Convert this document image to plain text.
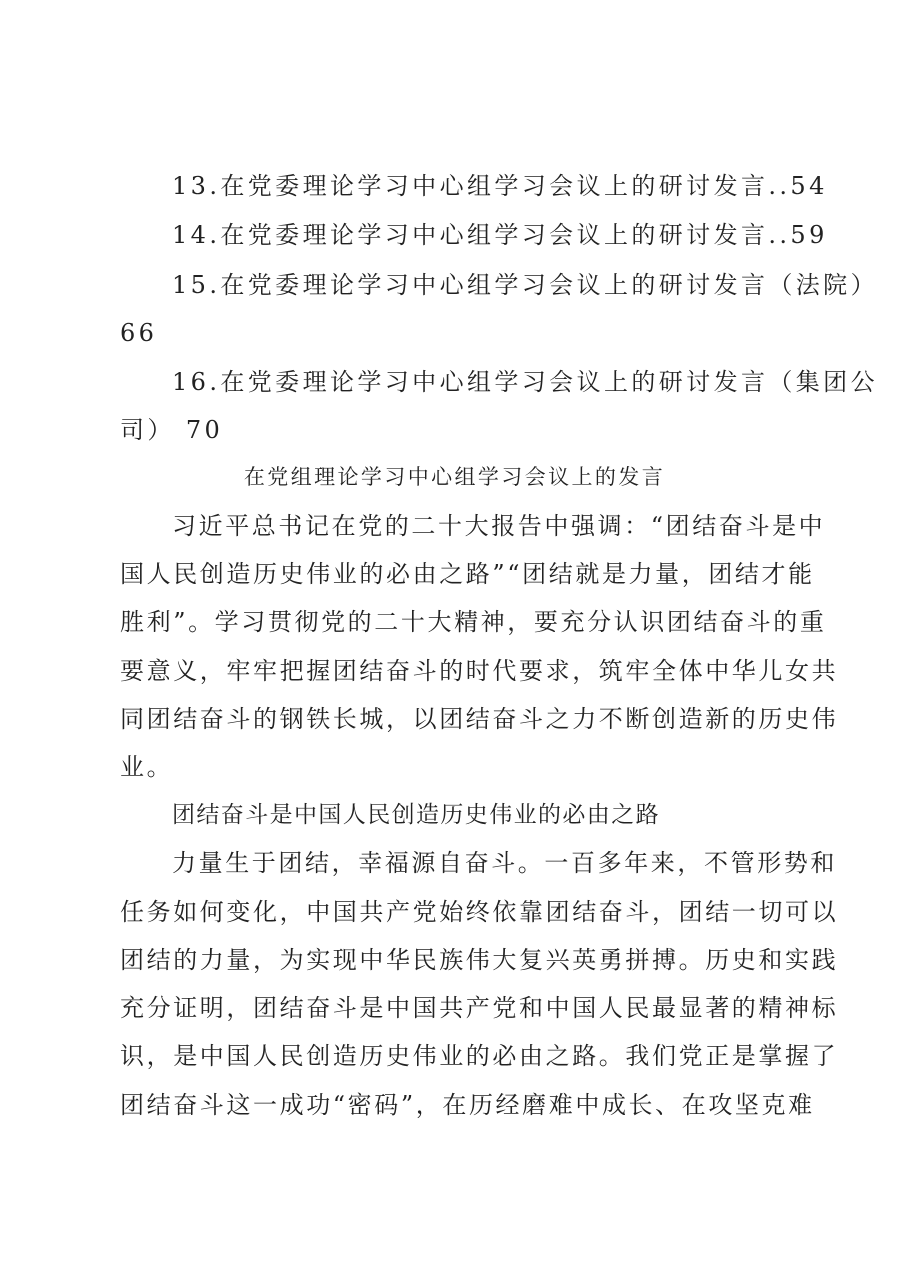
13.在党委理论学习中心组学习会议上的研讨发言..54
14.在党委理论学习中心组学习会议上的研讨发言..59
15.在党委理论学习中心组学习会议上的研讨发言（法院）
66
16.在党委理论学习中心组学习会议上的研讨发言（集团公
司） 70
在党组理论学习中心组学习会议上的发言
习近平总书记在党的二十大报告中强调：“团结奋斗是中
国人民创造历史伟业的必由之路”“团结就是力量，团结才能
胜利”。学习贯彻党的二十大精神，要充分认识团结奋斗的重
要意义，牢牢把握团结奋斗的时代要求，筑牢全体中华儿女共
同团结奋斗的钢铁长城，以团结奋斗之力不断创造新的历史伟
业。
团结奋斗是中国人民创造历史伟业的必由之路
力量生于团结，幸福源自奋斗。一百多年来，不管形势和
任务如何变化，中国共产党始终依靠团结奋斗，团结一切可以
团结的力量，为实现中华民族伟大复兴英勇拼搏。历史和实践
充分证明，团结奋斗是中国共产党和中国人民最显著的精神标
识，是中国人民创造历史伟业的必由之路。我们党正是掌握了
团结奋斗这一成功“密码”，在历经磨难中成长、在攻坚克难
